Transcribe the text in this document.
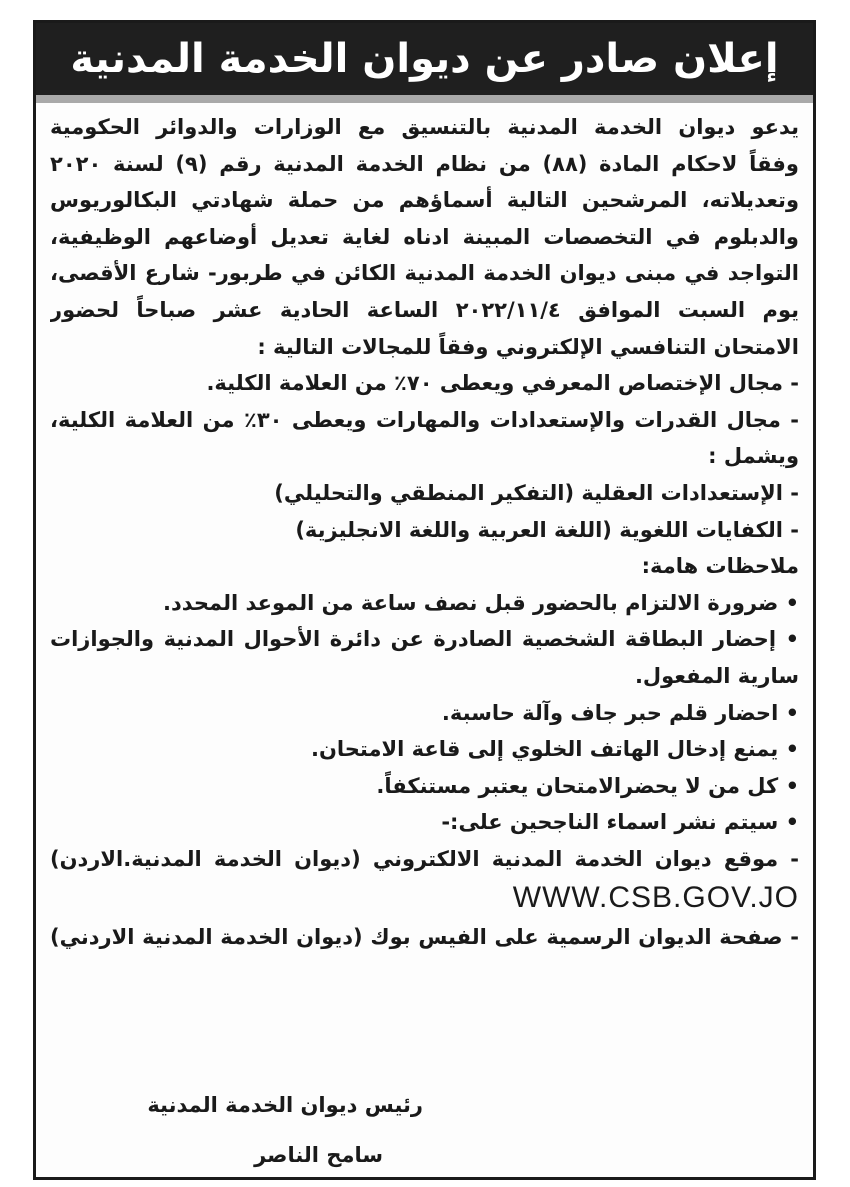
إعلان صادر عن ديوان الخدمة المدنية
يدعو ديوان الخدمة المدنية بالتنسيق مع الوزارات والدوائر الحكومية
وفقاً لاحكام المادة (٨٨) من نظام الخدمة المدنية رقم (٩) لسنة ٢٠٢٠
وتعديلاته، المرشحين التالية أسماؤهم من حملة شهادتي البكالوريوس
والدبلوم في التخصصات المبينة ادناه لغاية تعديل أوضاعهم الوظيفية،
التواجد في مبنى ديوان الخدمة المدنية الكائن في طربور- شارع الأقصى،
يوم السبت الموافق ٢٠٢٢/١١/٤ الساعة الحادية عشر صباحاً لحضور
الامتحان التنافسي الإلكتروني وفقاً للمجالات التالية :
- مجال الإختصاص المعرفي ويعطى ٧٠٪ من العلامة الكلية.
- مجال القدرات والإستعدادات والمهارات ويعطى ٣٠٪ من العلامة الكلية،
ويشمل :
- الإستعدادات العقلية (التفكير المنطقي والتحليلي)
- الكفايات اللغوية (اللغة العربية واللغة الانجليزية)
ملاحظات هامة:
• ضرورة الالتزام بالحضور قبل نصف ساعة من الموعد المحدد.
• إحضار البطاقة الشخصية الصادرة عن دائرة الأحوال المدنية والجوازات
سارية المفعول.
• احضار قلم حبر جاف وآلة حاسبة.
• يمنع إدخال الهاتف الخلوي إلى قاعة الامتحان.
• كل من لا يحضرالامتحان يعتبر مستنكفاً.
• سيتم نشر اسماء الناجحين على:-
- موقع ديوان الخدمة المدنية الالكتروني (ديوان الخدمة المدنية.الاردن)
WWW.CSB.GOV.JO
- صفحة الديوان الرسمية على الفيس بوك (ديوان الخدمة المدنية الاردني)
رئيس ديوان الخدمة المدنية
سامح الناصر
